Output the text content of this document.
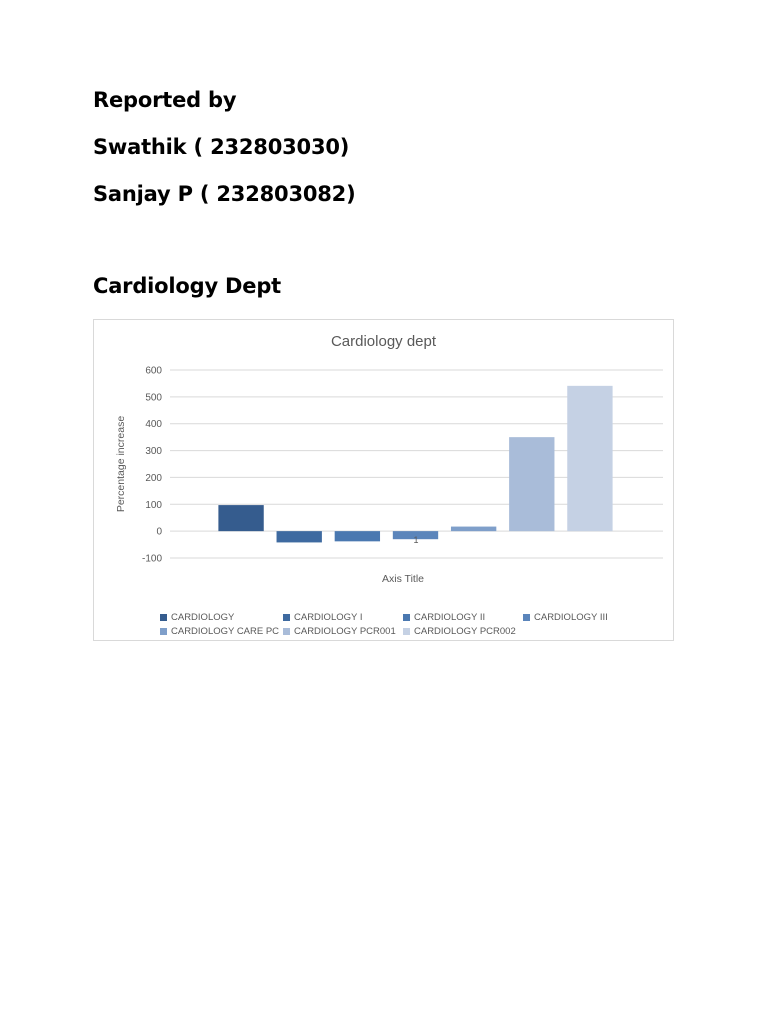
Reported by
Swathik ( 232803030)
Sanjay P ( 232803082)
Cardiology Dept
Cardiology dept
-100
0
100
200
300
400
500
600
1
Axis Title
Percentage increase
CARDIOLOGY	CARDIOLOGY I	CARDIOLOGY II	CARDIOLOGY III
CARDIOLOGY CARE PC CARDIOLOGY PCR001 CARDIOLOGY PCR002
